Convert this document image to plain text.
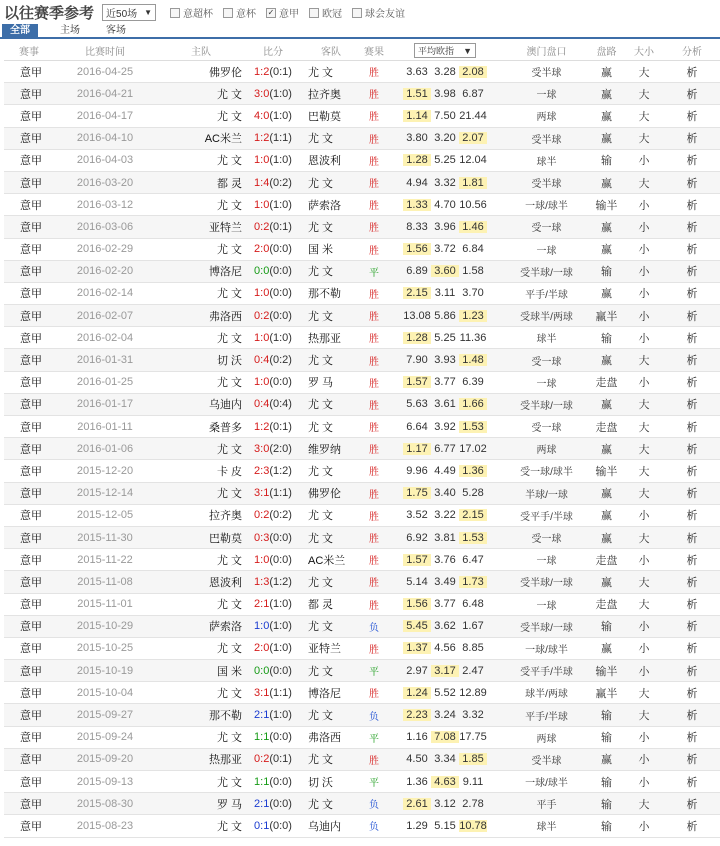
以往赛季参考 近50场 ▼	意超杯 意杯 ✓ 意甲 欧冠 球会友谊
全部	主场	客场
赛事	比赛时间	主队	比分	客队	赛果	平均欧指 ▼	澳门盘口	盘路	大小	分析
意甲	2016-04-25	佛罗伦	1:2(0:1)	尤 文	胜	3.63 3.28 2.08	受半球	赢	大	析
意甲	2016-04-21	尤 文	3:0(1:0)	拉齐奥	胜	1.51 3.98 6.87	一球	赢	大	析
意甲	2016-04-17	尤 文	4:0(1:0)	巴勒莫	胜	1.14 7.50 21.44	两球	赢	大	析
意甲	2016-04-10	AC米兰	1:2(1:1)	尤 文	胜	3.80 3.20 2.07	受半球	赢	大	析
意甲	2016-04-03	尤 文	1:0(1:0)	恩波利	胜	1.28 5.25 12.04	球半	输	小	析
意甲	2016-03-20	都 灵	1:4(0:2)	尤 文	胜	4.94 3.32 1.81	受半球	赢	大	析
意甲	2016-03-12	尤 文	1:0(1:0)	萨索洛	胜	1.33 4.70 10.56	一球/球半	输半	小	析
意甲	2016-03-06	亚特兰	0:2(0:1)	尤 文	胜	8.33 3.96 1.46	受一球	赢	小	析
意甲	2016-02-29	尤 文	2:0(0:0)	国 米	胜	1.56 3.72 6.84	一球	赢	小	析
意甲	2016-02-20	博洛尼	0:0(0:0)	尤 文	平	6.89 3.60 1.58	受半球/一球	输	小	析
意甲	2016-02-14	尤 文	1:0(0:0)	那不勒	胜	2.15 3.11 3.70	平手/半球	赢	小	析
意甲	2016-02-07	弗洛西	0:2(0:0)	尤 文	胜	13.08 5.86 1.23	受球半/两球	赢半	小	析
意甲	2016-02-04	尤 文	1:0(1:0)	热那亚	胜	1.28 5.25 11.36	球半	输	小	析
意甲	2016-01-31	切 沃	0:4(0:2)	尤 文	胜	7.90 3.93 1.48	受一球	赢	大	析
意甲	2016-01-25	尤 文	1:0(0:0)	罗 马	胜	1.57 3.77 6.39	一球	走盘	小	析
意甲	2016-01-17	乌迪内	0:4(0:4)	尤 文	胜	5.63 3.61 1.66	受半球/一球	赢	大	析
意甲	2016-01-11	桑普多	1:2(0:1)	尤 文	胜	6.64 3.92 1.53	受一球	走盘	大	析
意甲	2016-01-06	尤 文	3:0(2:0)	维罗纳	胜	1.17 6.77 17.02	两球	赢	大	析
意甲	2015-12-20	卡 皮	2:3(1:2)	尤 文	胜	9.96 4.49 1.36	受一球/球半	输半	大	析
意甲	2015-12-14	尤 文	3:1(1:1)	佛罗伦	胜	1.75 3.40 5.28	半球/一球	赢	大	析
意甲	2015-12-05	拉齐奥	0:2(0:2)	尤 文	胜	3.52 3.22 2.15	受平手/半球	赢	小	析
意甲	2015-11-30	巴勒莫	0:3(0:0)	尤 文	胜	6.92 3.81 1.53	受一球	赢	大	析
意甲	2015-11-22	尤 文	1:0(0:0)	AC米兰	胜	1.57 3.76 6.47	一球	走盘	小	析
意甲	2015-11-08	恩波利	1:3(1:2)	尤 文	胜	5.14 3.49 1.73	受半球/一球	赢	大	析
意甲	2015-11-01	尤 文	2:1(1:0)	都 灵	胜	1.56 3.77 6.48	一球	走盘	大	析
意甲	2015-10-29	萨索洛	1:0(1:0)	尤 文	负	5.45 3.62 1.67	受半球/一球	输	小	析
意甲	2015-10-25	尤 文	2:0(1:0)	亚特兰	胜	1.37 4.56 8.85	一球/球半	赢	小	析
意甲	2015-10-19	国 米	0:0(0:0)	尤 文	平	2.97 3.17 2.47	受平手/半球	输半	小	析
意甲	2015-10-04	尤 文	3:1(1:1)	博洛尼	胜	1.24 5.52 12.89	球半/两球	赢半	大	析
意甲	2015-09-27	那不勒	2:1(1:0)	尤 文	负	2.23 3.24 3.32	平手/半球	输	大	析
意甲	2015-09-24	尤 文	1:1(0:0)	弗洛西	平	1.16 7.08 17.75	两球	输	小	析
意甲	2015-09-20	热那亚	0:2(0:1)	尤 文	胜	4.50 3.34 1.85	受半球	赢	小	析
意甲	2015-09-13	尤 文	1:1(0:0)	切 沃	平	1.36 4.63 9.11	一球/球半	输	小	析
意甲	2015-08-30	罗 马	2:1(0:0)	尤 文	负	2.61 3.12 2.78	平手	输	大	析
意甲	2015-08-23	尤 文	0:1(0:0)	乌迪内	负	1.29 5.15 10.78	球半	输	小	析
